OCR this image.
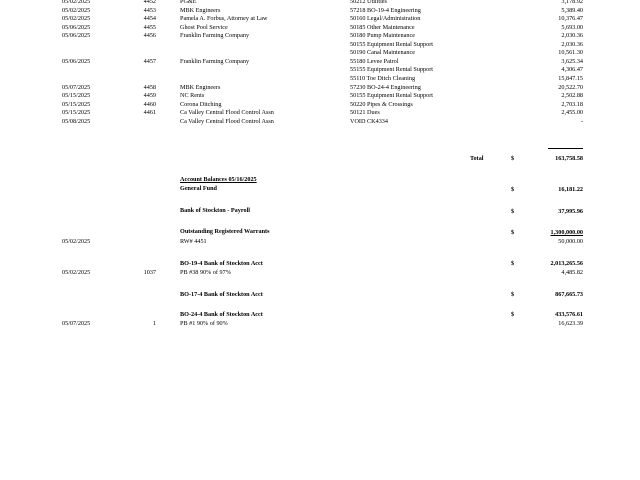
05/02/2025	4452	PG&E	50212 Utilities	3,178.92
05/02/2025	4453	MBK Engineers	57218 BO-19-4 Engineering	5,389.40
05/02/2025	4454	Pamela A. Forbus, Attorney at Law	50160 Legal/Administration	10,376.47
05/06/2025	4455	Ghost Pool Service	50185 Other Maintenance	5,693.00
05/06/2025	4456	Franklin Farming Company	50180 Pump Maintenance	2,030.36
50155 Equipment Rental Support	2,030.36
50190 Canal Maintenance	10,561.30
05/06/2025	4457	Franklin Farming Company	55180 Levee Patrol	3,625.34
55155 Equipment Rental Support	4,306.47
55110 Toe Ditch Cleaning	15,847.15
05/07/2025	4458	MBK Engineers	57230 BO-24-4 Engineering	20,522.70
05/15/2025	4459	NC Rents	50155 Equipment Rental Support	2,502.88
05/15/2025	4460	Corona Ditching	50220 Pipes & Crossings	2,703.18
05/15/2025	4461	Ca Valley Central Flood Control Assn	50121 Dues	2,455.00
05/08/2025	Ca Valley Central Flood Control Assn	VOID CK4334	-
Total	$	163,758.58
Account Balances 05/16/2025
General Fund	$	16,181.22
Bank of Stockton - Payroll	$	37,995.96
Outstanding Registered Warrants	$	1,300,000.00
05/02/2025	RW# 4451	50,000.00
BO-19-4 Bank of Stockton Acct	$	2,013,265.56
05/02/2025	1037	PB #38 90% of 97%	4,485.82
BO-17-4 Bank of Stockton Acct	$	867,665.73
BO-24-4 Bank of Stockton Acct	$	433,576.61
05/07/2025	1	PB #1 90% of 90%	16,623.39
